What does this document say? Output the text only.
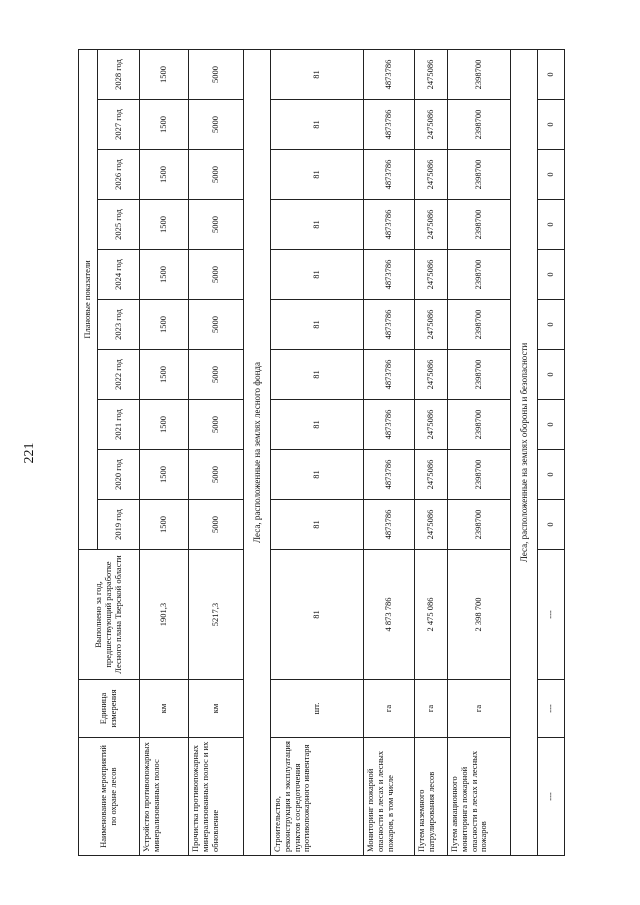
221
Наименование мероприятий по охране лесов	Единица измерения	Выполнено за год, предшествующий разработке Лесного плана Тверской области	Плановые показатели									
			2019 год	2020 год	2021 год	2022 год	2023 год	2024 год	2025 год	2026 год	2027 год	2028 год
Устройство противопожарных минерализованных полос	км	1901,3	1500	1500	1500	1500	1500	1500	1500	1500	1500	1500
Прочистка противопожарных минерализованных полос и их обновление	км	5217,3	5000	5000	5000	5000	5000	5000	5000	5000	5000	5000
Леса, расположенные на землях лесного фонда												
Строительство, реконструкция и эксплуатация пунктов сосредоточения противопожарного инвентаря	шт.	81	81	81	81	81	81	81	81	81	81	81
Мониторинг пожарной опасности в лесах и лесных пожаров, в том числе	га	4 873 786	4873786	4873786	4873786	4873786	4873786	4873786	4873786	4873786	4873786	4873786
Путем наземного патрулирования лесов	га	2 475 086	2475086	2475086	2475086	2475086	2475086	2475086	2475086	2475086	2475086	2475086
Путем авиационного мониторинга пожарной опасности в лесах и лесных пожаров	га	2 398 700	2398700	2398700	2398700	2398700	2398700	2398700	2398700	2398700	2398700	2398700
Леса, расположенные на землях обороны и безопасности												
---	---	---	0	0	0	0	0	0	0	0	0	0
